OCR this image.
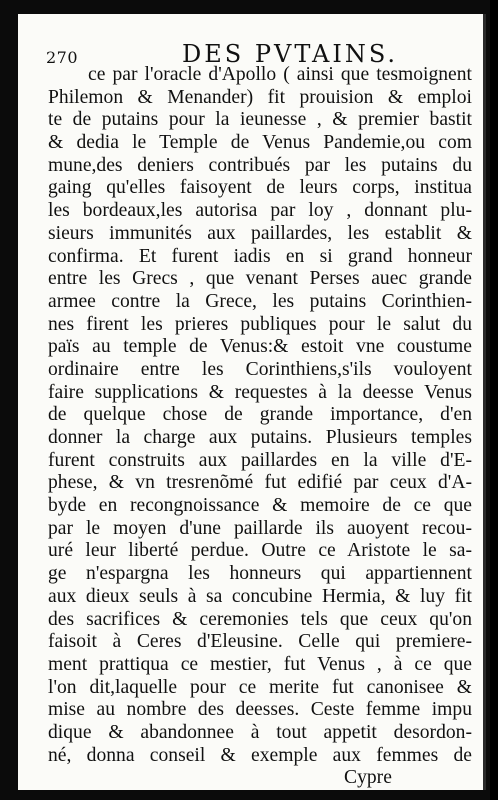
270	DES PVTAINS.
ce par l'oracle d'Apollo ( ainsi que tesmoignent
Philemon & Menander) fit prouision & emploi
te de putains pour la ieunesse , & premier bastit
& dedia le Temple de Venus Pandemie,ou com
mune,des deniers contribués par les putains du
gaing qu'elles faisoyent de leurs corps, institua
les bordeaux,les autorisa par loy , donnant plu-
sieurs immunités aux paillardes, les establit &
confirma. Et furent iadis en si grand honneur
entre les Grecs , que venant Perses auec grande
armee contre la Grece, les putains Corinthien-
nes firent les prieres publiques pour le salut du
païs au temple de Venus:& estoit vne coustume
ordinaire entre les Corinthiens,s'ils vouloyent
faire supplications & requestes à la deesse Venus
de quelque chose de grande importance, d'en
donner la charge aux putains. Plusieurs temples
furent construits aux paillardes en la ville d'E-
phese, & vn tresrenõmé fut edifié par ceux d'A-
byde en recongnoissance & memoire de ce que
par le moyen d'une paillarde ils auoyent recou-
uré leur liberté perdue. Outre ce Aristote le sa-
ge n'espargna les honneurs qui appartiennent
aux dieux seuls à sa concubine Hermia, & luy fit
des sacrifices & ceremonies tels que ceux qu'on
faisoit à Ceres d'Eleusine. Celle qui premiere-
ment prattiqua ce mestier, fut Venus , à ce que
l'on dit,laquelle pour ce merite fut canonisee &
mise au nombre des deesses. Ceste femme impu
dique & abandonnee à tout appetit desordon-
né, donna conseil & exemple aux femmes de
Cypre
